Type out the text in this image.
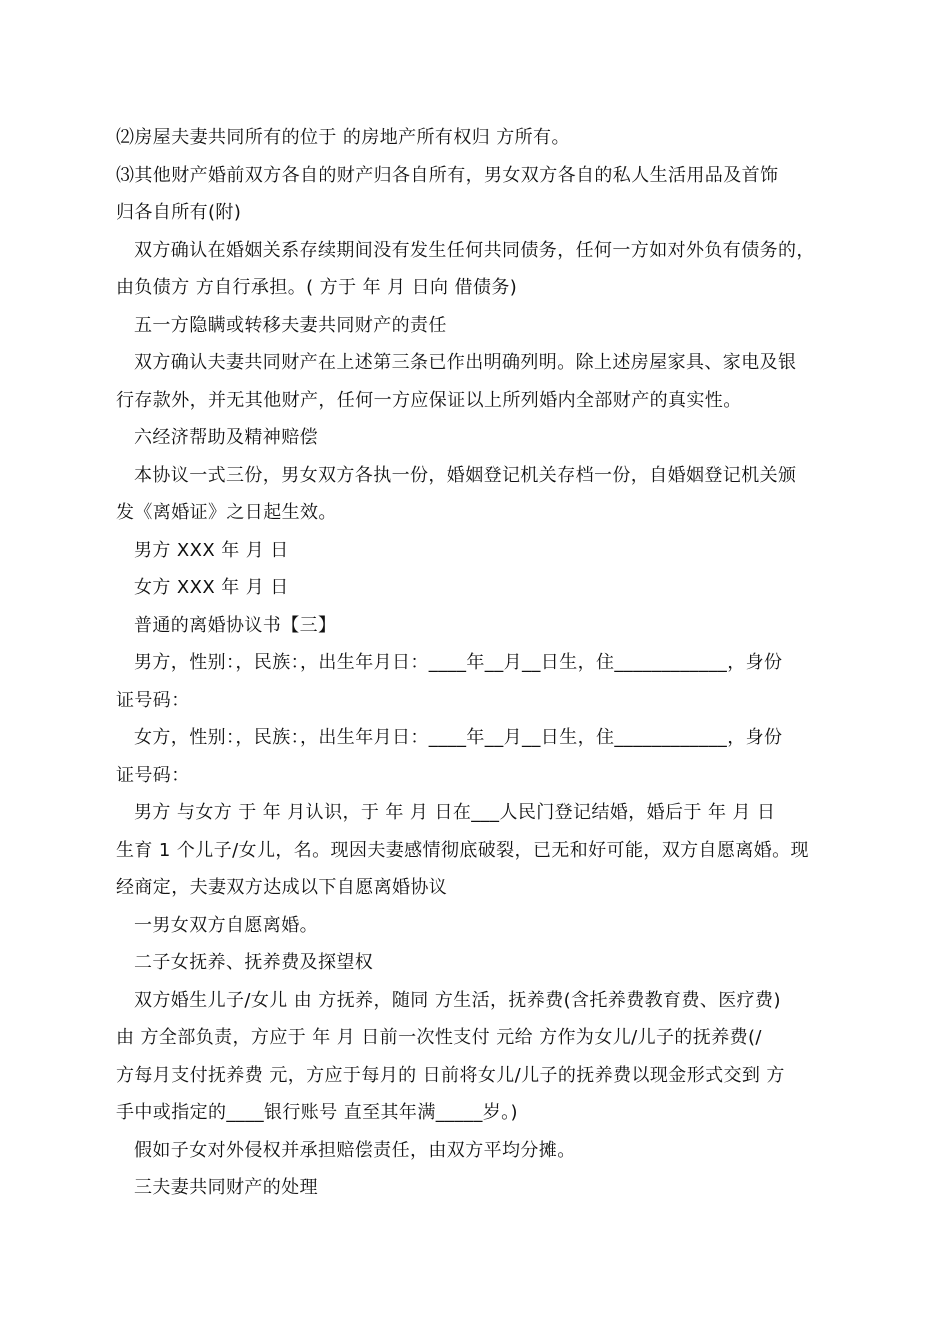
⑵房屋夫妻共同所有的位于 的房地产所有权归 方所有。
⑶其他财产婚前双方各自的财产归各自所有，男女双方各自的私人生活用品及首饰
归各自所有(附)
双方确认在婚姻关系存续期间没有发生任何共同债务，任何一方如对外负有债务的，
由负债方 方自行承担。( 方于 年 月 日向 借债务)
五一方隐瞒或转移夫妻共同财产的责任
双方确认夫妻共同财产在上述第三条已作出明确列明。除上述房屋家具、家电及银
行存款外，并无其他财产，任何一方应保证以上所列婚内全部财产的真实性。
六经济帮助及精神赔偿
本协议一式三份，男女双方各执一份，婚姻登记机关存档一份，自婚姻登记机关颁
发《离婚证》之日起生效。
男方 XXX 年 月 日
女方 XXX 年 月 日
普通的离婚协议书【三】
男方，性别：，民族：，出生年月日：____年__月__日生，住____________，身份
证号码：
女方，性别：，民族：，出生年月日：____年__月__日生，住____________，身份
证号码：
男方 与女方 于 年 月认识，于 年 月 日在___人民门登记结婚，婚后于 年 月 日
生育 1 个儿子/女儿，名。现因夫妻感情彻底破裂，已无和好可能，双方自愿离婚。现
经商定，夫妻双方达成以下自愿离婚协议
一男女双方自愿离婚。
二子女抚养、抚养费及探望权
双方婚生儿子/女儿 由 方抚养，随同 方生活，抚养费(含托养费教育费、医疗费)
由 方全部负责，方应于 年 月 日前一次性支付 元给 方作为女儿/儿子的抚养费(/
方每月支付抚养费 元，方应于每月的 日前将女儿/儿子的抚养费以现金形式交到 方
手中或指定的____银行账号 直至其年满_____岁。)
假如子女对外侵权并承担赔偿责任，由双方平均分摊。
三夫妻共同财产的处理
